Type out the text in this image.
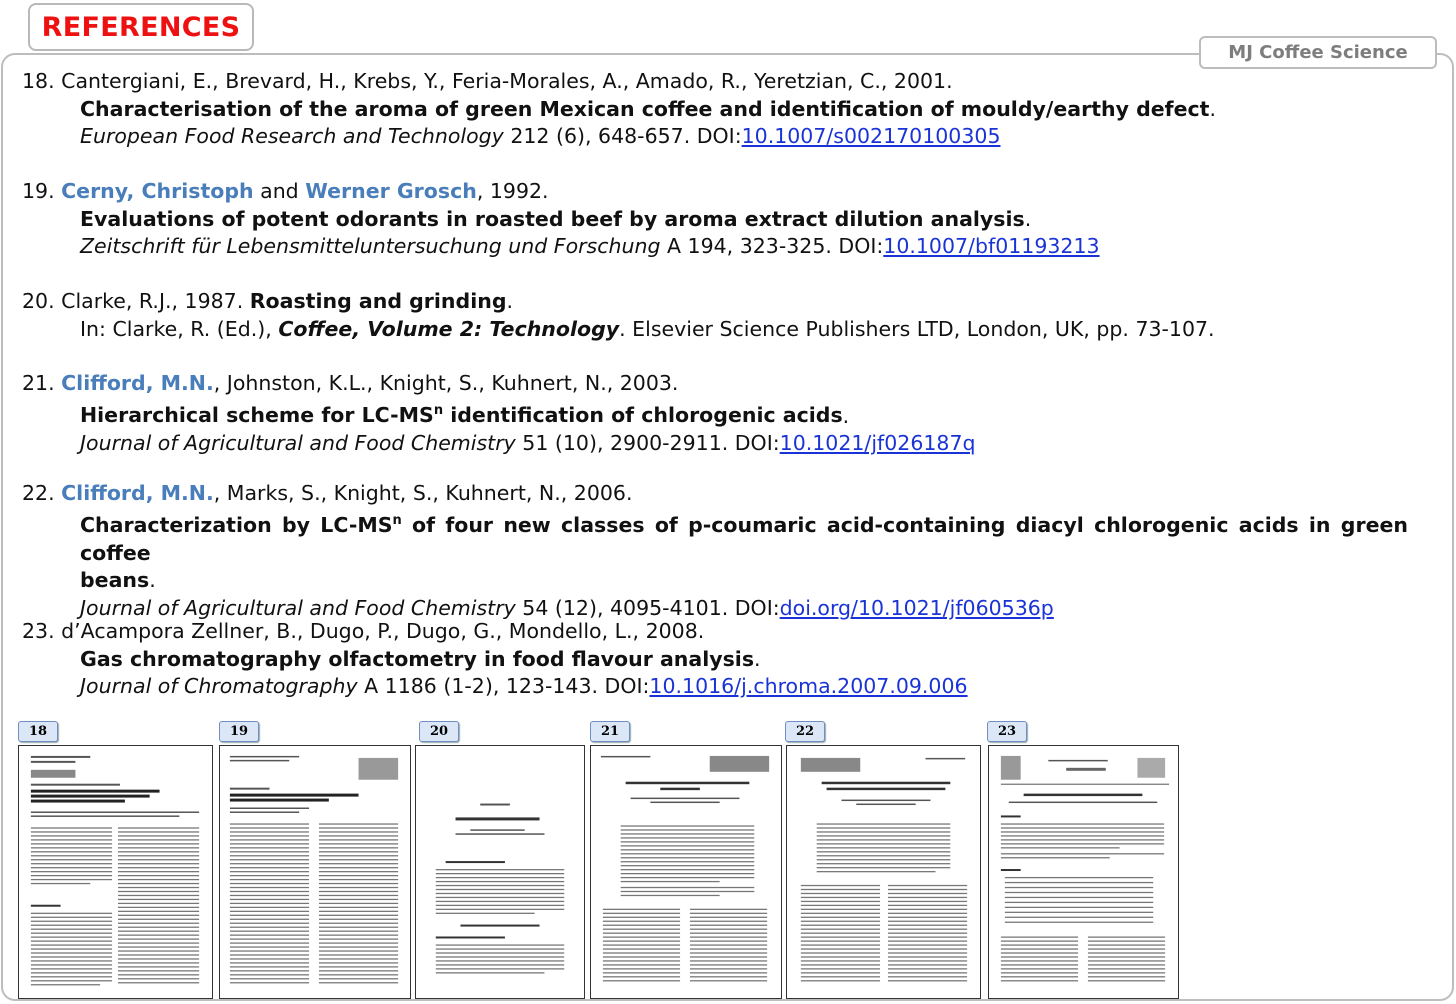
REFERENCES
MJ Coffee Science
18. Cantergiani, E., Brevard, H., Krebs, Y., Feria-Morales, A., Amado, R., Yeretzian, C., 2001.
Characterisation of the aroma of green Mexican coffee and identification of mouldy/earthy defect.
European Food Research and Technology 212 (6), 648-657. DOI:10.1007/s002170100305
19. Cerny, Christoph and Werner Grosch, 1992.
Evaluations of potent odorants in roasted beef by aroma extract dilution analysis.
Zeitschrift für Lebensmitteluntersuchung und Forschung A 194, 323-325. DOI:10.1007/bf01193213
20. Clarke, R.J., 1987. Roasting and grinding.
In: Clarke, R. (Ed.), Coffee, Volume 2: Technology. Elsevier Science Publishers LTD, London, UK, pp. 73-107.
21. Clifford, M.N., Johnston, K.L., Knight, S., Kuhnert, N., 2003.
Hierarchical scheme for $LC-MS^n$ identification of chlorogenic acids.
Journal of Agricultural and Food Chemistry 51 (10), 2900-2911. DOI:10.1021/jf026187q
22. Clifford, M.N., Marks, S., Knight, S., Kuhnert, N., 2006.
Characterization by $LC-MS^n$ of four new classes of p-coumaric acid-containing diacyl chlorogenic acids in green coffee
beans.
Journal of Agricultural and Food Chemistry 54 (12), 4095-4101. DOI:doi.org/10.1021/jf060536p
23. d’Acampora Zellner, B., Dugo, P., Dugo, G., Mondello, L., 2008.
Gas chromatography olfactometry in food flavour analysis.
Journal of Chromatography A 1186 (1-2), 123-143. DOI:10.1016/j.chroma.2007.09.006
18	19	20	21	22	23
